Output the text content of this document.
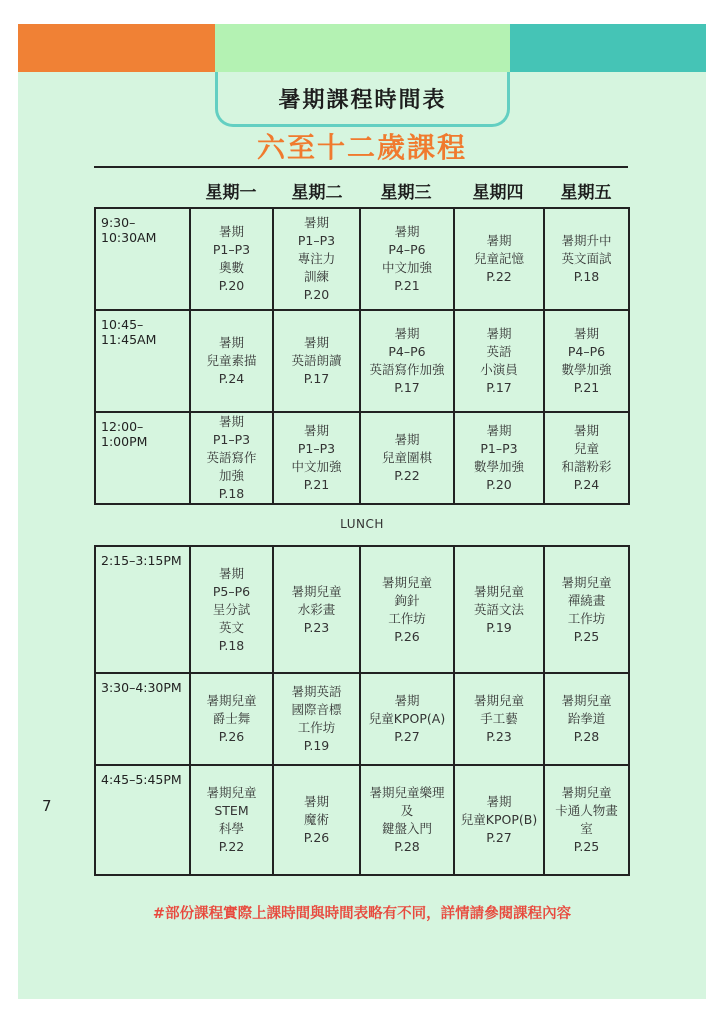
暑期課程時間表
六至十二歲課程
星期一	星期二	星期三	星期四	星期五
9:30–
10:30AM	暑期
P1–P3
奧數
P.20	暑期
P1–P3
專注力
訓練
P.20	暑期
P4–P6
中文加強
P.21	暑期
兒童記憶
P.22	暑期升中
英文面試
P.18

10:45–
11:45AM	暑期
兒童素描
P.24	暑期
英語朗讀
P.17	暑期
P4–P6
英語寫作加強
P.17	暑期
英語
小演員
P.17	暑期
P4–P6
數學加強
P.21

12:00–
1:00PM	暑期
P1–P3
英語寫作
加強
P.18	暑期
P1–P3
中文加強
P.21	暑期
兒童圍棋
P.22	暑期
P1–P3
數學加強
P.20	暑期
兒童
和諧粉彩
P.24
LUNCH
2:15–3:15PM	暑期
P5–P6
呈分試
英文
P.18	暑期兒童
水彩畫
P.23	暑期兒童
鉤針
工作坊
P.26	暑期兒童
英語文法
P.19	暑期兒童
禪繞畫
工作坊
P.25

3:30–4:30PM	暑期兒童
爵士舞
P.26	暑期英語
國際音標
工作坊
P.19	暑期
兒童KPOP(A)
P.27	暑期兒童
手工藝
P.23	暑期兒童
跆拳道
P.28

4:45–5:45PM	暑期兒童
STEM
科學
P.22	暑期
魔術
P.26	暑期兒童樂理
及
鍵盤入門
P.28	暑期
兒童KPOP(B)
P.27	暑期兒童
卡通人物畫
室
P.25
7
#部份課程實際上課時間與時間表略有不同，詳情請參閱課程內容
